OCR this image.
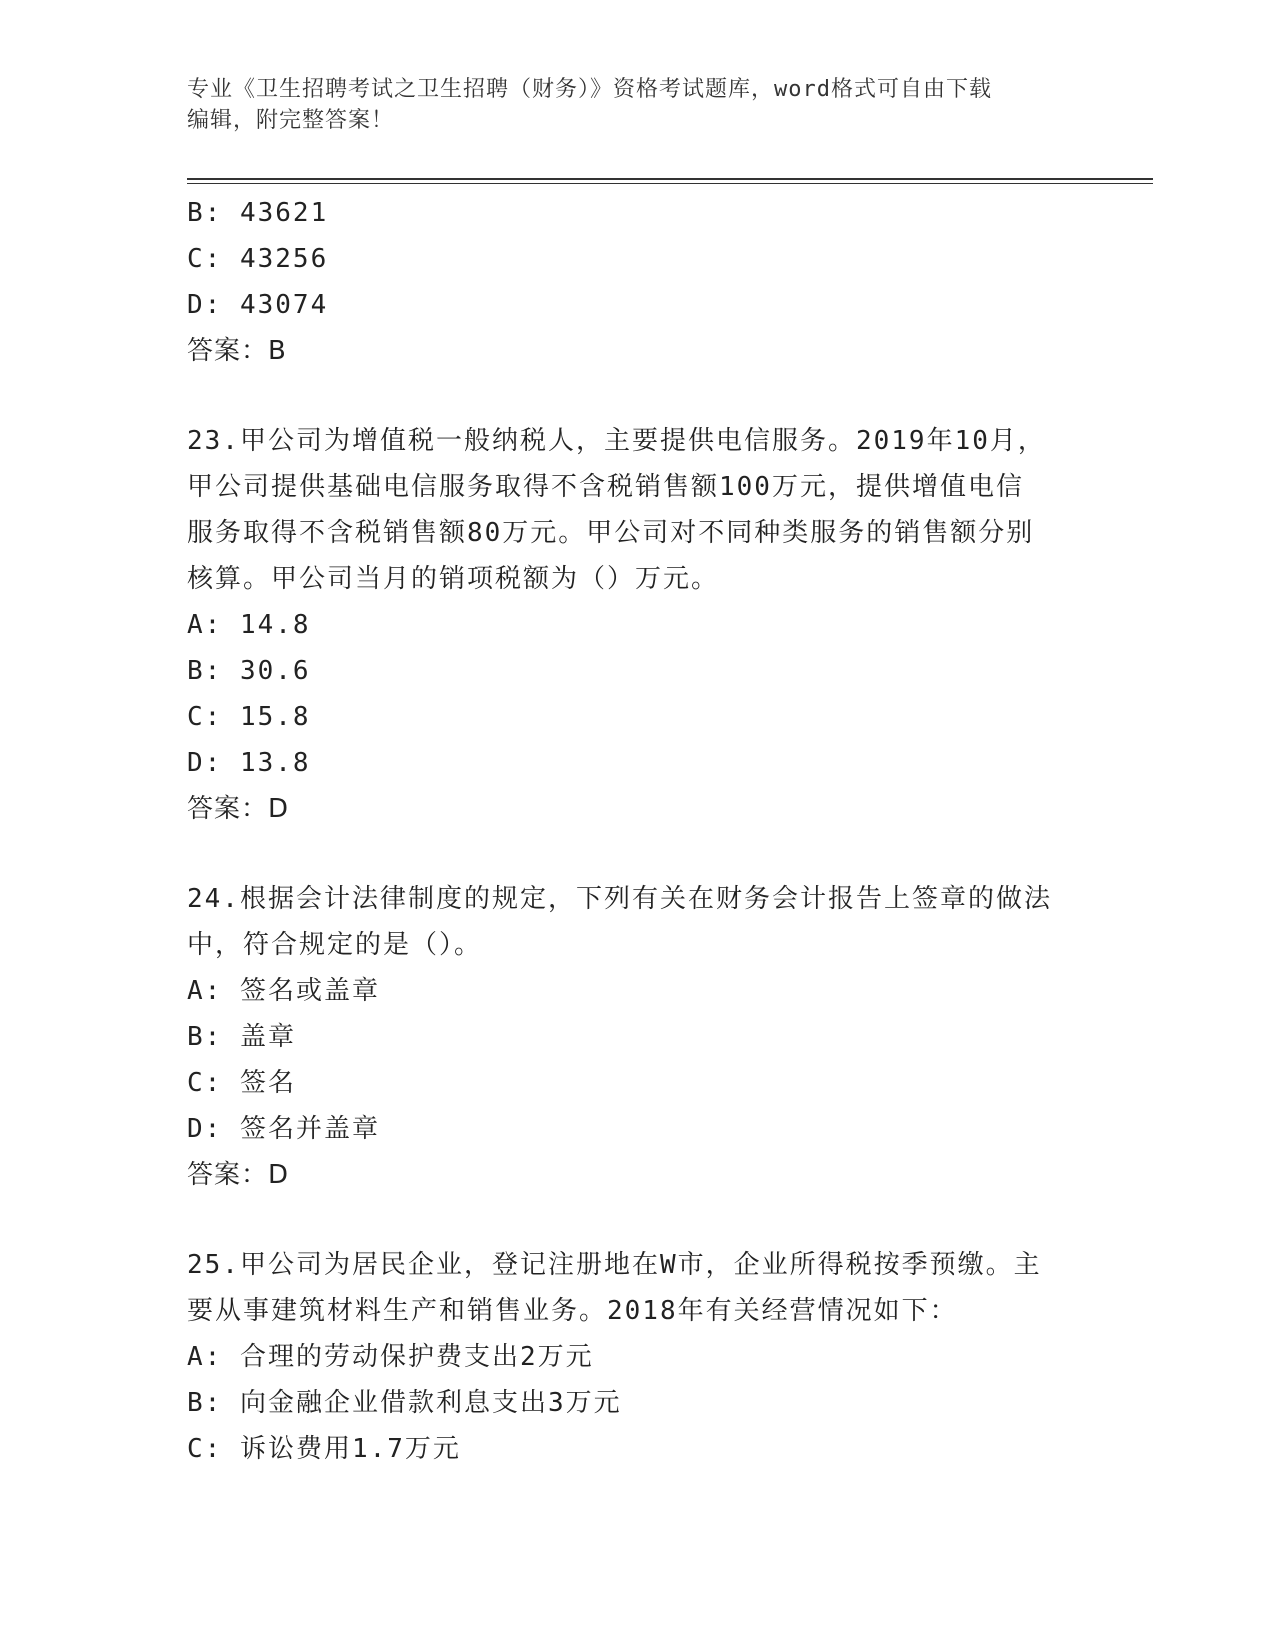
专业《卫生招聘考试之卫生招聘（财务）》资格考试题库，word格式可自由下载
编辑，附完整答案！
B: 43621
C: 43256
D: 43074
答案：B
23.甲公司为增值税一般纳税人，主要提供电信服务。2019年10月，
甲公司提供基础电信服务取得不含税销售额100万元，提供增值电信
服务取得不含税销售额80万元。甲公司对不同种类服务的销售额分别
核算。甲公司当月的销项税额为（）万元。
A: 14.8
B: 30.6
C: 15.8
D: 13.8
答案：D
24.根据会计法律制度的规定，下列有关在财务会计报告上签章的做法
中，符合规定的是（）。
A: 签名或盖章
B: 盖章
C: 签名
D: 签名并盖章
答案：D
25.甲公司为居民企业，登记注册地在W市，企业所得税按季预缴。主
要从事建筑材料生产和销售业务。2018年有关经营情况如下：
A: 合理的劳动保护费支出2万元
B: 向金融企业借款利息支出3万元
C: 诉讼费用1.7万元
